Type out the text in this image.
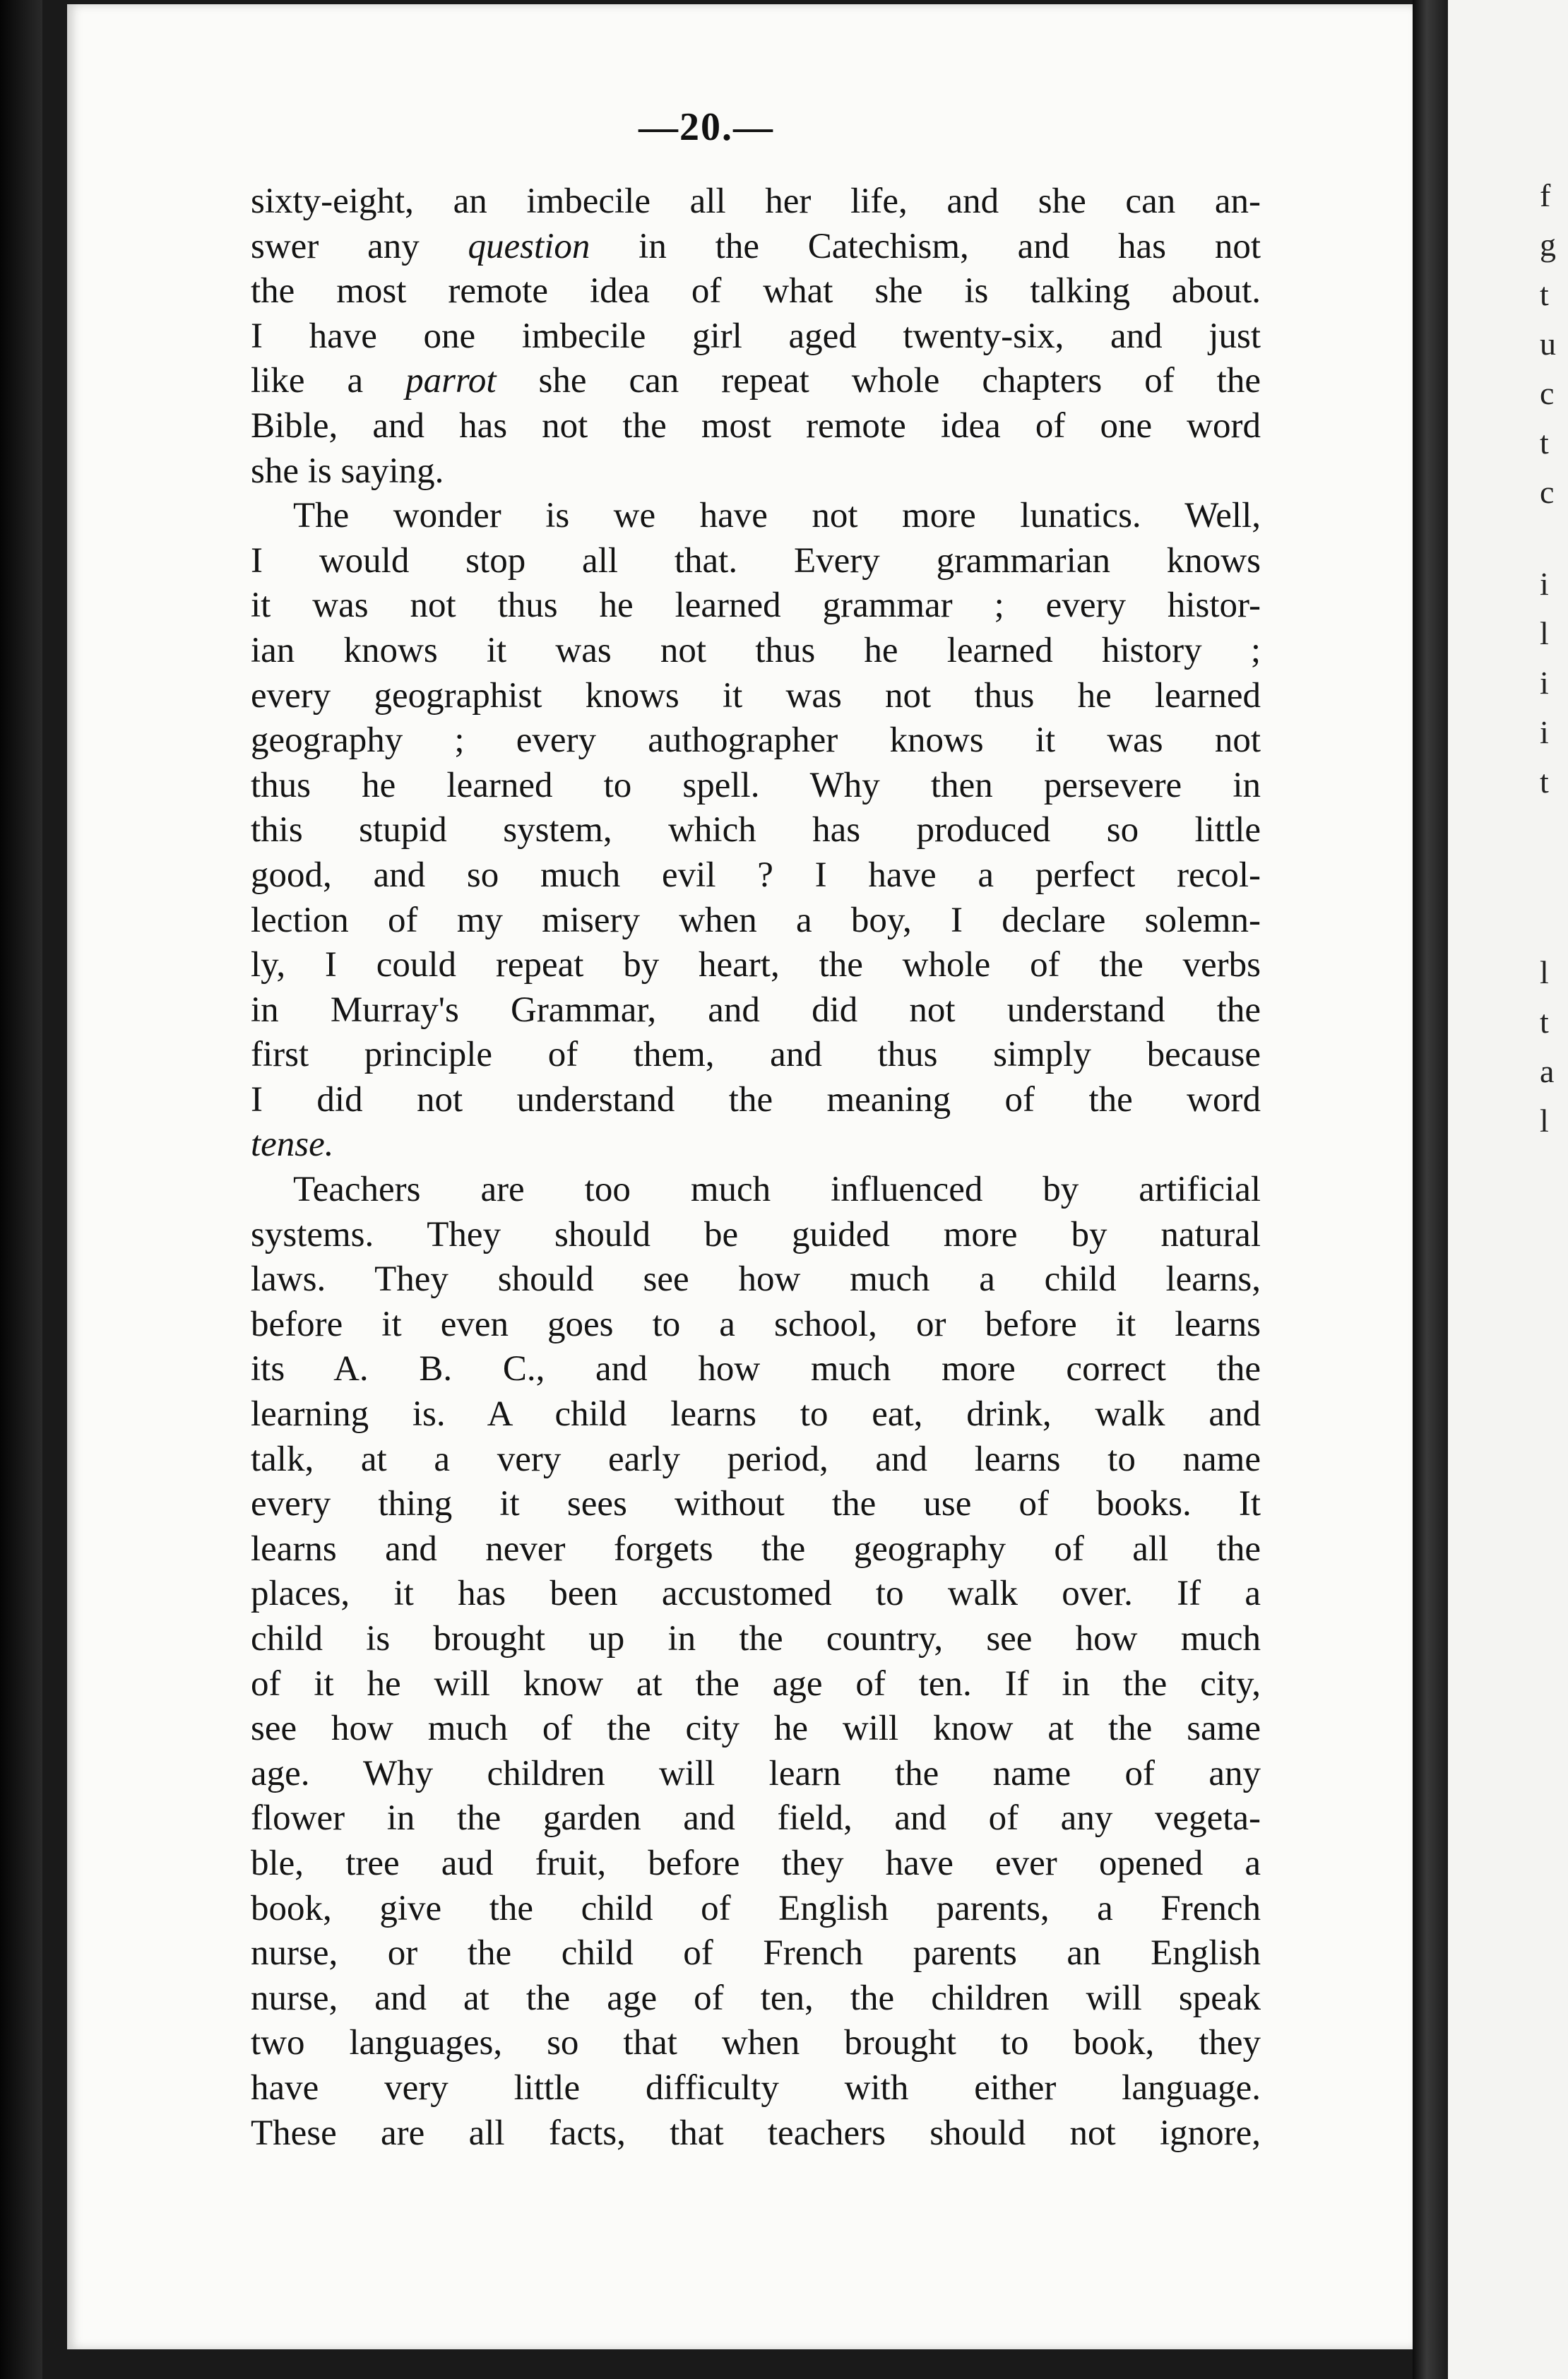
f
g
t
u
c
t
c
i
l
i
i
t
l
t
a
l
—20.—
sixty-eight, an imbecile all her life, and she can an-
swer any question in the Catechism, and has not
the most remote idea of what she is talking about.
I have one imbecile girl aged twenty-six, and just
like a parrot she can repeat whole chapters of the
Bible, and has not the most remote idea of one word
she is saying.
The wonder is we have not more lunatics. Well,
I would stop all that. Every grammarian knows
it was not thus he learned grammar ; every histor-
ian knows it was not thus he learned history ;
every geographist knows it was not thus he learned
geography ; every authographer knows it was not
thus he learned to spell. Why then persevere in
this stupid system, which has produced so little
good, and so much evil ? I have a perfect recol-
lection of my misery when a boy, I declare solemn-
ly, I could repeat by heart, the whole of the verbs
in Murray's Grammar, and did not understand the
first principle of them, and thus simply because
I did not understand the meaning of the word
tense.
Teachers are too much influenced by artificial
systems. They should be guided more by natural
laws. They should see how much a child learns,
before it even goes to a school, or before it learns
its A. B. C., and how much more correct the
learning is. A child learns to eat, drink, walk and
talk, at a very early period, and learns to name
every thing it sees without the use of books. It
learns and never forgets the geography of all the
places, it has been accustomed to walk over. If a
child is brought up in the country, see how much
of it he will know at the age of ten. If in the city,
see how much of the city he will know at the same
age. Why children will learn the name of any
flower in the garden and field, and of any vegeta-
ble, tree aud fruit, before they have ever opened a
book, give the child of English parents, a French
nurse, or the child of French parents an English
nurse, and at the age of ten, the children will speak
two languages, so that when brought to book, they
have very little difficulty with either language.
These are all facts, that teachers should not ignore,
